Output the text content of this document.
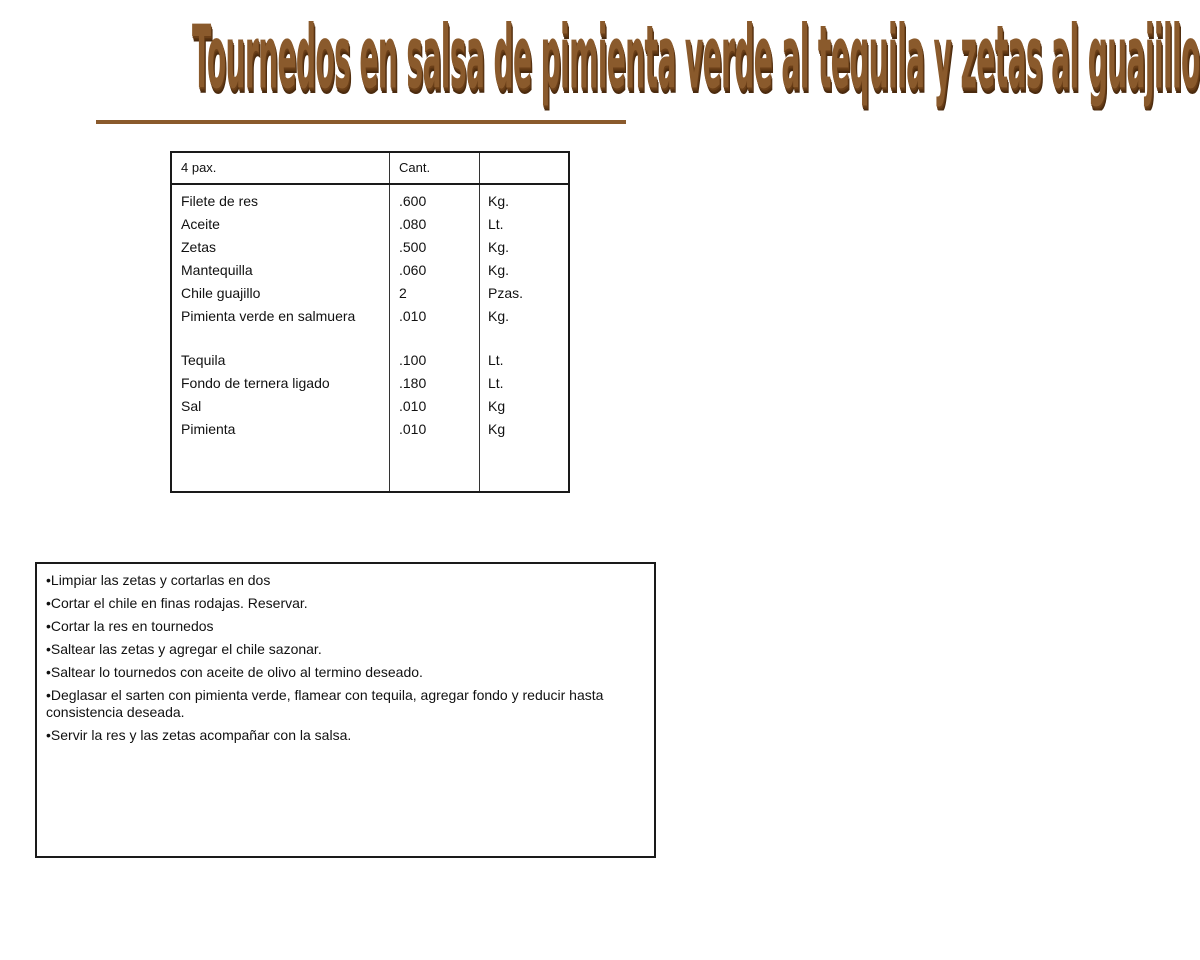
Tournedos en salsa de pimienta verde al tequila y zetas al guajillo
4 pax.	Cant.
Filete de res
Aceite
Zetas
Mantequilla
Chile guajillo
Pimienta verde en salmuera
Tequila
Fondo de ternera ligado
Sal
Pimienta
.600
.080
.500
.060
2
.010
.100
.180
.010
.010
Kg.
Lt.
Kg.
Kg.
Pzas.
Kg.
Lt.
Lt.
Kg
Kg
•Limpiar las zetas y cortarlas en dos
•Cortar el chile en finas rodajas. Reservar.
•Cortar la res en tournedos
•Saltear las zetas y agregar el chile sazonar.
•Saltear lo tournedos con aceite de olivo al termino deseado.
•Deglasar el sarten con pimienta verde, flamear con tequila, agregar fondo y reducir hasta consistencia deseada.
•Servir la res y las zetas acompañar con la salsa.
